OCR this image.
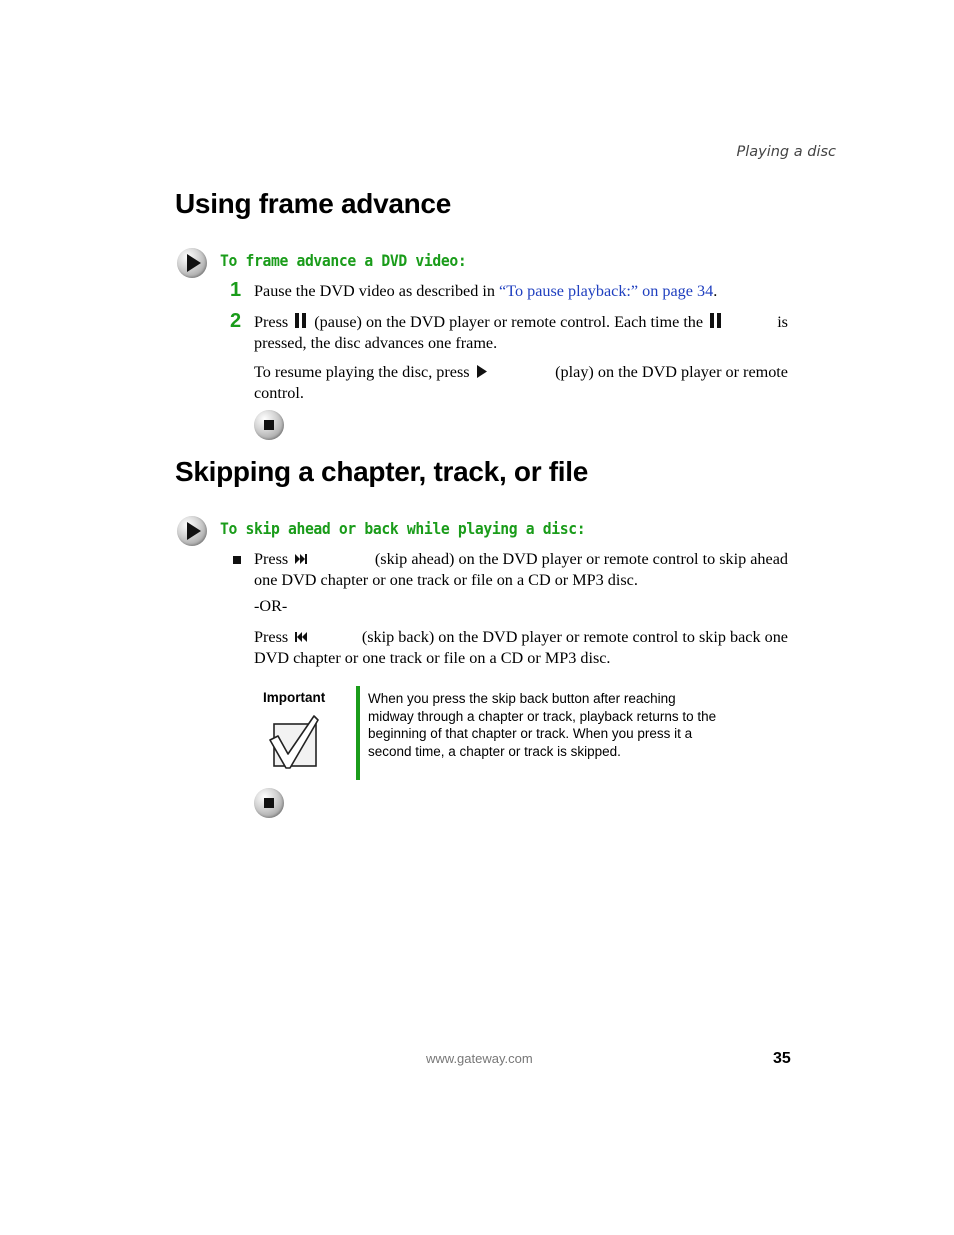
Playing a disc
Using frame advance
To frame advance a DVD video:
1 Pause the DVD video as described in “To pause playback:” on page 34.
2 Press (pause) on the DVD player or remote control. Each time the	is
pressed, the disc advances one frame.
To resume playing the disc, press	(play) on the DVD player or remote
control.
Skipping a chapter, track, or file
To skip ahead or back while playing a disc:
Press	(skip ahead) on the DVD player or remote control to skip ahead
one DVD chapter or one track or file on a CD or MP3 disc.
-OR-
Press	(skip back) on the DVD player or remote control to skip back one
DVD chapter or one track or file on a CD or MP3 disc.
Important	When you press the skip back button after reaching
midway through a chapter or track, playback returns to the
beginning of that chapter or track. When you press it a
second time, a chapter or track is skipped.
www.gateway.com	35
